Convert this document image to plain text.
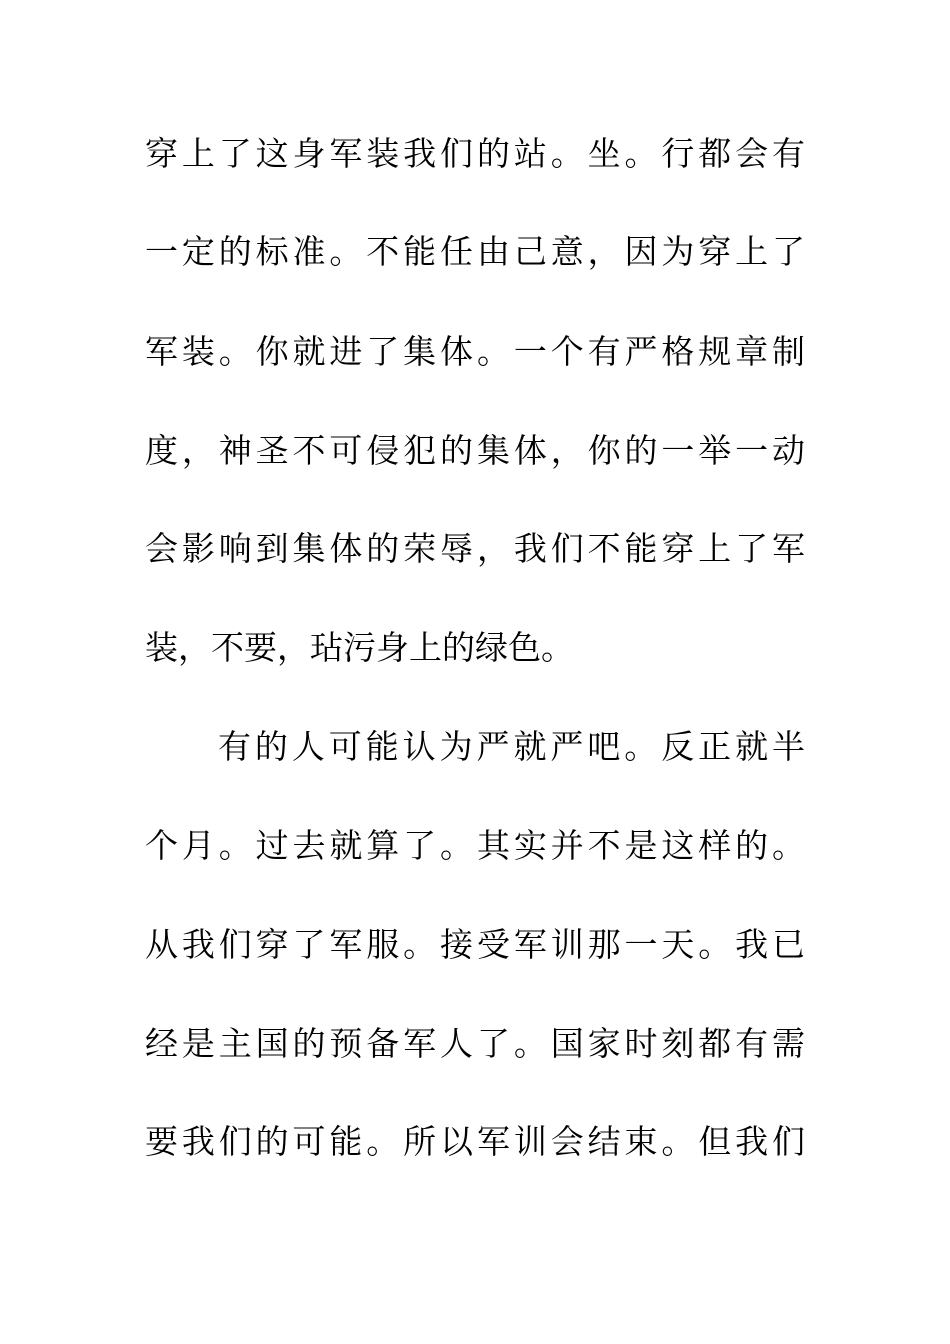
穿上了这身军装我们的站。坐。行都会有
一定的标准。不能任由己意，因为穿上了
军装。你就进了集体。一个有严格规章制
度，神圣不可侵犯的集体，你的一举一动
会影响到集体的荣辱，我们不能穿上了军
装，不要，玷污身上的绿色。
有的人可能认为严就严吧。反正就半
个月。过去就算了。其实并不是这样的。
从我们穿了军服。接受军训那一天。我已
经是主国的预备军人了。国家时刻都有需
要我们的可能。所以军训会结束。但我们
